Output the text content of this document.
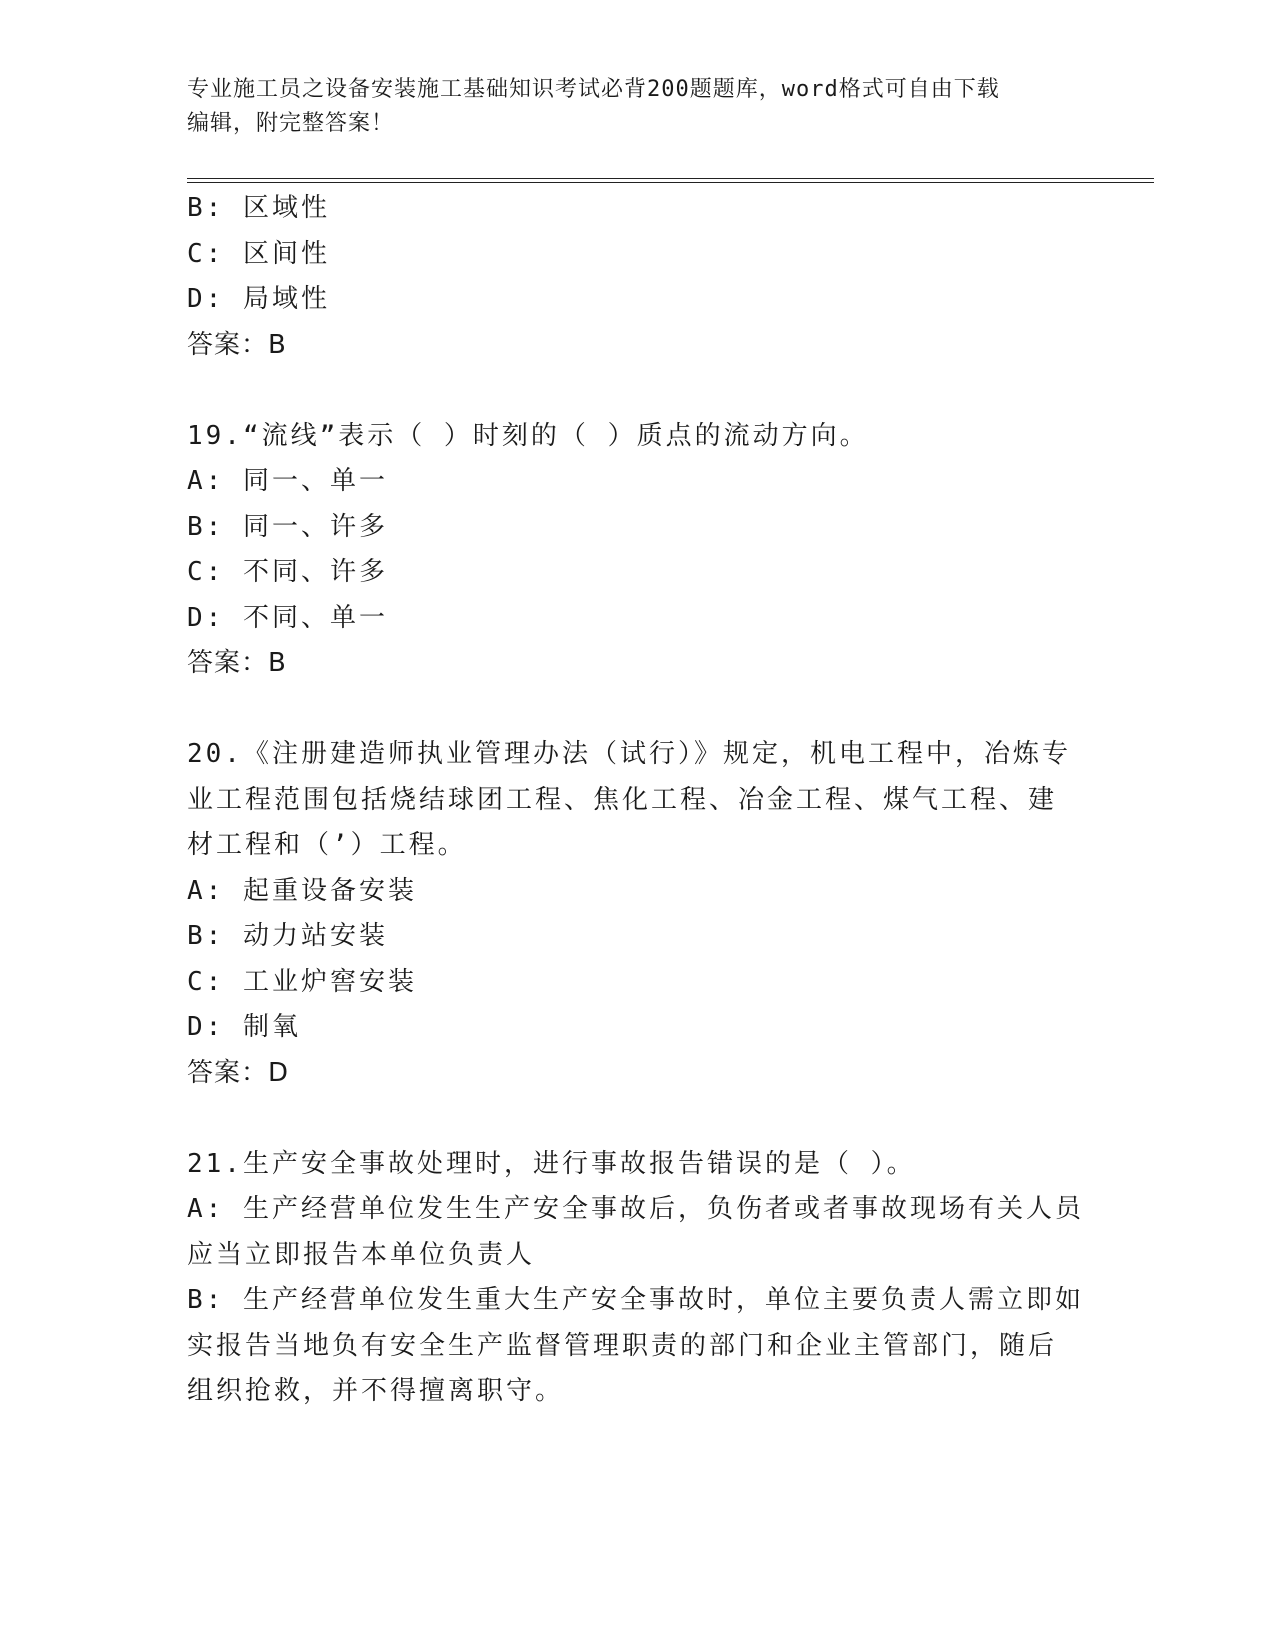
专业施工员之设备安装施工基础知识考试必背200题题库，word格式可自由下载
编辑，附完整答案！
B: 区域性
C: 区间性
D: 局域性
答案：B
19.“流线”表示（ ）时刻的（ ）质点的流动方向。
A: 同一、单一
B: 同一、许多
C: 不同、许多
D: 不同、单一
答案：B
20.《注册建造师执业管理办法（试行）》规定，机电工程中，冶炼专
业工程范围包括烧结球团工程、焦化工程、冶金工程、煤气工程、建
材工程和（’）工程。
A: 起重设备安装
B: 动力站安装
C: 工业炉窖安装
D: 制氧
答案：D
21.生产安全事故处理时，进行事故报告错误的是（ ）。
A: 生产经营单位发生生产安全事故后，负伤者或者事故现场有关人员
应当立即报告本单位负责人
B: 生产经营单位发生重大生产安全事故时，单位主要负责人需立即如
实报告当地负有安全生产监督管理职责的部门和企业主管部门，随后
组织抢救，并不得擅离职守。
